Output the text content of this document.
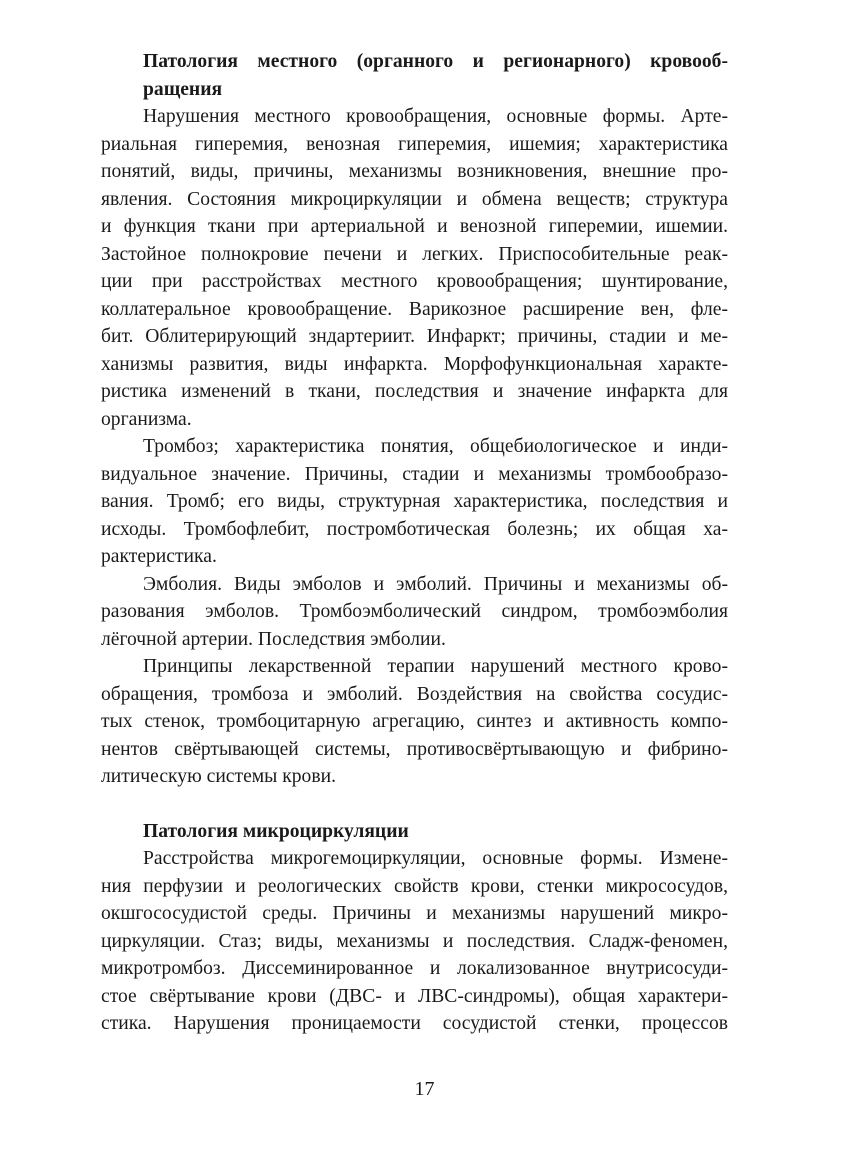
Патология местного (органного и регионарного) кровооб-
ращения
Нарушения местного кровообращения, основные формы. Арте-
риальная гиперемия, венозная гиперемия, ишемия; характеристика
понятий, виды, причины, механизмы возникновения, внешние про-
явления. Состояния микроциркуляции и обмена веществ; структура
и функция ткани при артериальной и венозной гиперемии, ишемии.
Застойное полнокровие печени и легких. Приспособительные реак-
ции при расстройствах местного кровообращения; шунтирование,
коллатеральное кровообращение. Варикозное расширение вен, фле-
бит. Облитерирующий зндартериит. Инфаркт; причины, стадии и ме-
ханизмы развития, виды инфаркта. Морфофункциональная характе-
ристика изменений в ткани, последствия и значение инфаркта для
организма.
Тромбоз; характеристика понятия, общебиологическое и инди-
видуальное значение. Причины, стадии и механизмы тромбообразо-
вания. Тромб; его виды, структурная характеристика, последствия и
исходы. Тромбофлебит, постромботическая болезнь; их общая ха-
рактеристика.
Эмболия. Виды эмболов и эмболий. Причины и механизмы об-
разования эмболов. Тромбоэмболический синдром, тромбоэмболия
лёгочной артерии. Последствия эмболии.
Принципы лекарственной терапии нарушений местного крово-
обращения, тромбоза и эмболий. Воздействия на свойства сосудис-
тых стенок, тромбоцитарную агрегацию, синтез и активность компо-
нентов свёртывающей системы, противосвёртывающую и фибрино-
литическую системы крови.
Патология микроциркуляции
Расстройства микрогемоциркуляции, основные формы. Измене-
ния перфузии и реологических свойств крови, стенки микрососудов,
окшгососудистой среды. Причины и механизмы нарушений микро-
циркуляции. Стаз; виды, механизмы и последствия. Сладж-феномен,
микротромбоз. Диссеминированное и локализованное внутрисосуди-
стое свёртывание крови (ДВС- и ЛВС-синдромы), общая характери-
стика. Нарушения проницаемости сосудистой стенки, процессов
17
